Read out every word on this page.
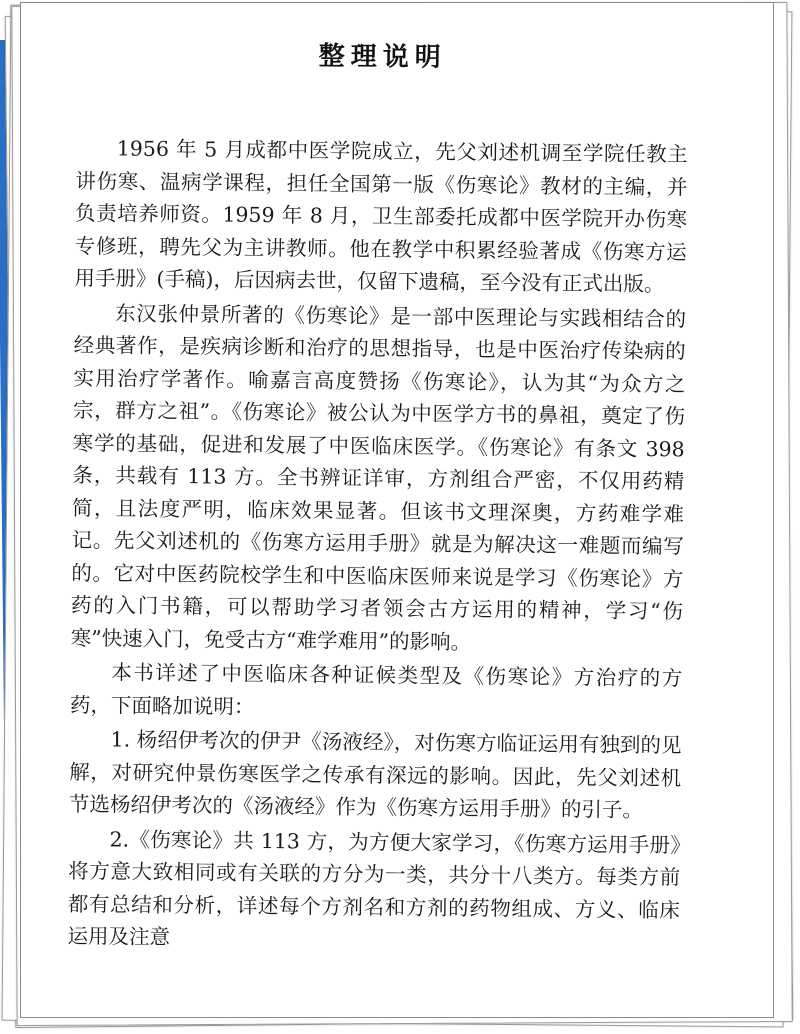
整理说明

1956 年 5 月成都中医学院成立，先父刘述机调至学院任教主讲伤寒、温病学课程，担任全国第一版《伤寒论》教材的主编，并负责培养师资。1959 年 8 月，卫生部委托成都中医学院开办伤寒专修班，聘先父为主讲教师。他在教学中积累经验著成《伤寒方运用手册》(手稿)，后因病去世，仅留下遗稿，至今没有正式出版。

东汉张仲景所著的《伤寒论》是一部中医理论与实践相结合的经典著作，是疾病诊断和治疗的思想指导，也是中医治疗传染病的实用治疗学著作。喻嘉言高度赞扬《伤寒论》，认为其“为众方之宗，群方之祖”。《伤寒论》被公认为中医学方书的鼻祖，奠定了伤寒学的基础，促进和发展了中医临床医学。《伤寒论》有条文 398 条，共载有 113 方。全书辨证详审，方剂组合严密，不仅用药精简，且法度严明，临床效果显著。但该书文理深奥，方药难学难记。先父刘述机的《伤寒方运用手册》就是为解决这一难题而编写的。它对中医药院校学生和中医临床医师来说是学习《伤寒论》方药的入门书籍，可以帮助学习者领会古方运用的精神，学习“伤寒”快速入门，免受古方“难学难用”的影响。

本书详述了中医临床各种证候类型及《伤寒论》方治疗的方药，下面略加说明：

1. 杨绍伊考次的伊尹《汤液经》，对伤寒方临证运用有独到的见解，对研究仲景伤寒医学之传承有深远的影响。因此，先父刘述机节选杨绍伊考次的《汤液经》作为《伤寒方运用手册》的引子。

2.《伤寒论》共 113 方，为方便大家学习，《伤寒方运用手册》将方意大致相同或有关联的方分为一类，共分十八类方。每类方前都有总结和分析，详述每个方剂名和方剂的药物组成、方义、临床运用及注意
